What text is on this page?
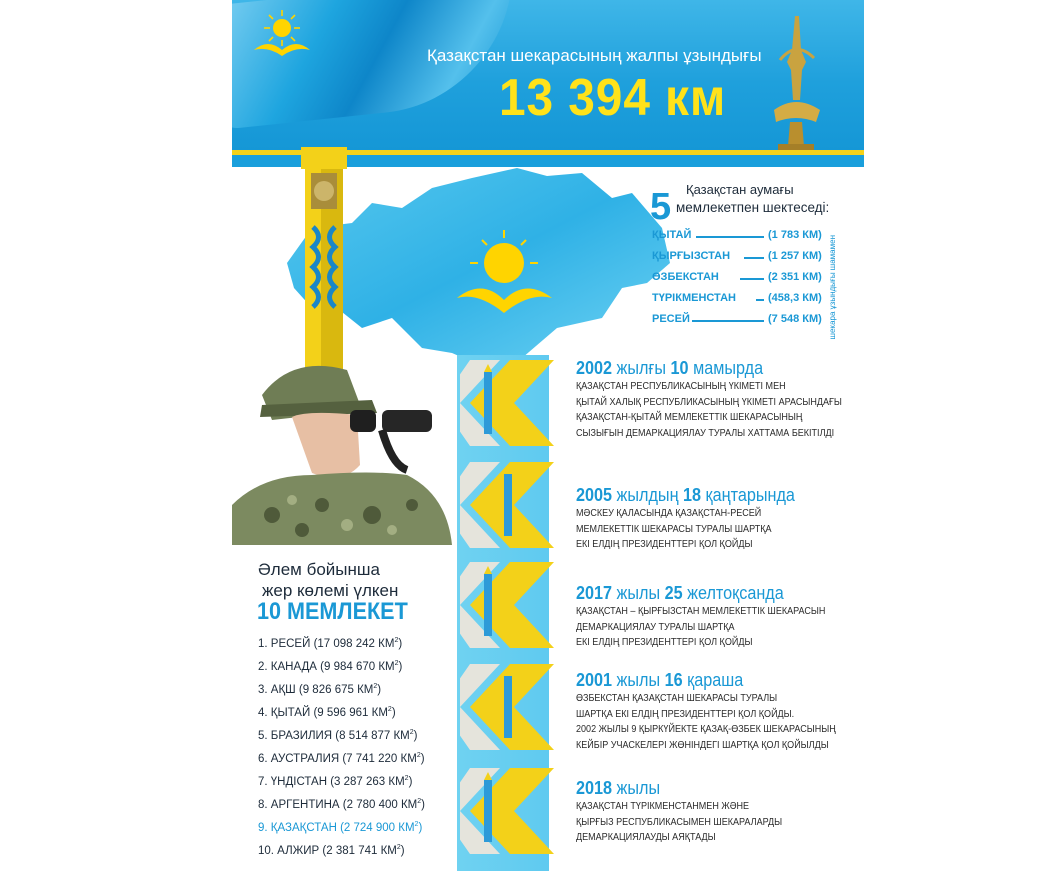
Қазақстан шекарасының жалпы ұзындығы
13 394 км
5 Қазақстан аумағы
мемлекетпен шектеседі:
ҚЫТАЙ	(1 783 КМ)
ҚЫРҒЫЗСТАН	(1 257 КМ)
ӨЗБЕКСТАН	(2 351 КМ)
ТҮРІКМЕНСТАН	(458,3 КМ)
РЕСЕЙ	(7 548 КМ) шекара ұзындығы шамамен
2002 жылғы 10 мамырда
ҚАЗАҚСТАН РЕСПУБЛИКАСЫНЫҢ ҮКІМЕТІ МЕН
ҚЫТАЙ ХАЛЫҚ РЕСПУБЛИКАСЫНЫҢ ҮКІМЕТІ АРАСЫНДАҒЫ
ҚАЗАҚСТАН-ҚЫТАЙ МЕМЛЕКЕТТІК ШЕКАРАСЫНЫҢ
СЫЗЫҒЫН ДЕМАРКАЦИЯЛАУ ТУРАЛЫ ХАТТАМА БЕКІТІЛДІ
2005 жылдың 18 қаңтарында
МӘСКЕУ ҚАЛАСЫНДА ҚАЗАҚСТАН-РЕСЕЙ
МЕМЛЕКЕТТІК ШЕКАРАСЫ ТУРАЛЫ ШАРТҚА
ЕКІ ЕЛДІҢ ПРЕЗИДЕНТТЕРІ ҚОЛ ҚОЙДЫ
2017 жылы 25 желтоқсанда
ҚАЗАҚСТАН – ҚЫРҒЫЗСТАН МЕМЛЕКЕТТІК ШЕКАРАСЫН
ДЕМАРКАЦИЯЛАУ ТУРАЛЫ ШАРТҚА
ЕКІ ЕЛДІҢ ПРЕЗИДЕНТТЕРІ ҚОЛ ҚОЙДЫ
2001 жылы 16 қараша
ӨЗБЕКСТАН ҚАЗАҚСТАН ШЕКАРАСЫ ТУРАЛЫ
ШАРТҚА ЕКІ ЕЛДІҢ ПРЕЗИДЕНТТЕРІ ҚОЛ ҚОЙДЫ.
2002 ЖЫЛЫ 9 ҚЫРКҮЙЕКТЕ ҚАЗАҚ-ӨЗБЕК ШЕКАРАСЫНЫҢ
КЕЙБІР УЧАСКЕЛЕРІ ЖӨНІНДЕГІ ШАРТҚА ҚОЛ ҚОЙЫЛДЫ
2018 жылы
ҚАЗАҚСТАН ТҮРІКМЕНСТАНМЕН ЖӘНЕ
ҚЫРҒЫЗ РЕСПУБЛИКАСЫМЕН ШЕКАРАЛАРДЫ
ДЕМАРКАЦИЯЛАУДЫ АЯҚТАДЫ
Әлем бойынша
жер көлемі үлкен
10 МЕМЛЕКЕТ
1. РЕСЕЙ (17 098 242 $КМ^2$)
2. КАНАДА (9 984 670 $КМ^2$)
3. АҚШ (9 826 675 $КМ^2$)
4. ҚЫТАЙ (9 596 961 $КМ^2$)
5. БРАЗИЛИЯ (8 514 877 $КМ^2$)
6. АУСТРАЛИЯ (7 741 220 $КМ^2$)
7. ҮНДІСТАН (3 287 263 $КМ^2$)
8. АРГЕНТИНА (2 780 400 $КМ^2$)
9. ҚАЗАҚСТАН (2 724 900 $КМ^2$)
10. АЛЖИР (2 381 741 $КМ^2$)
